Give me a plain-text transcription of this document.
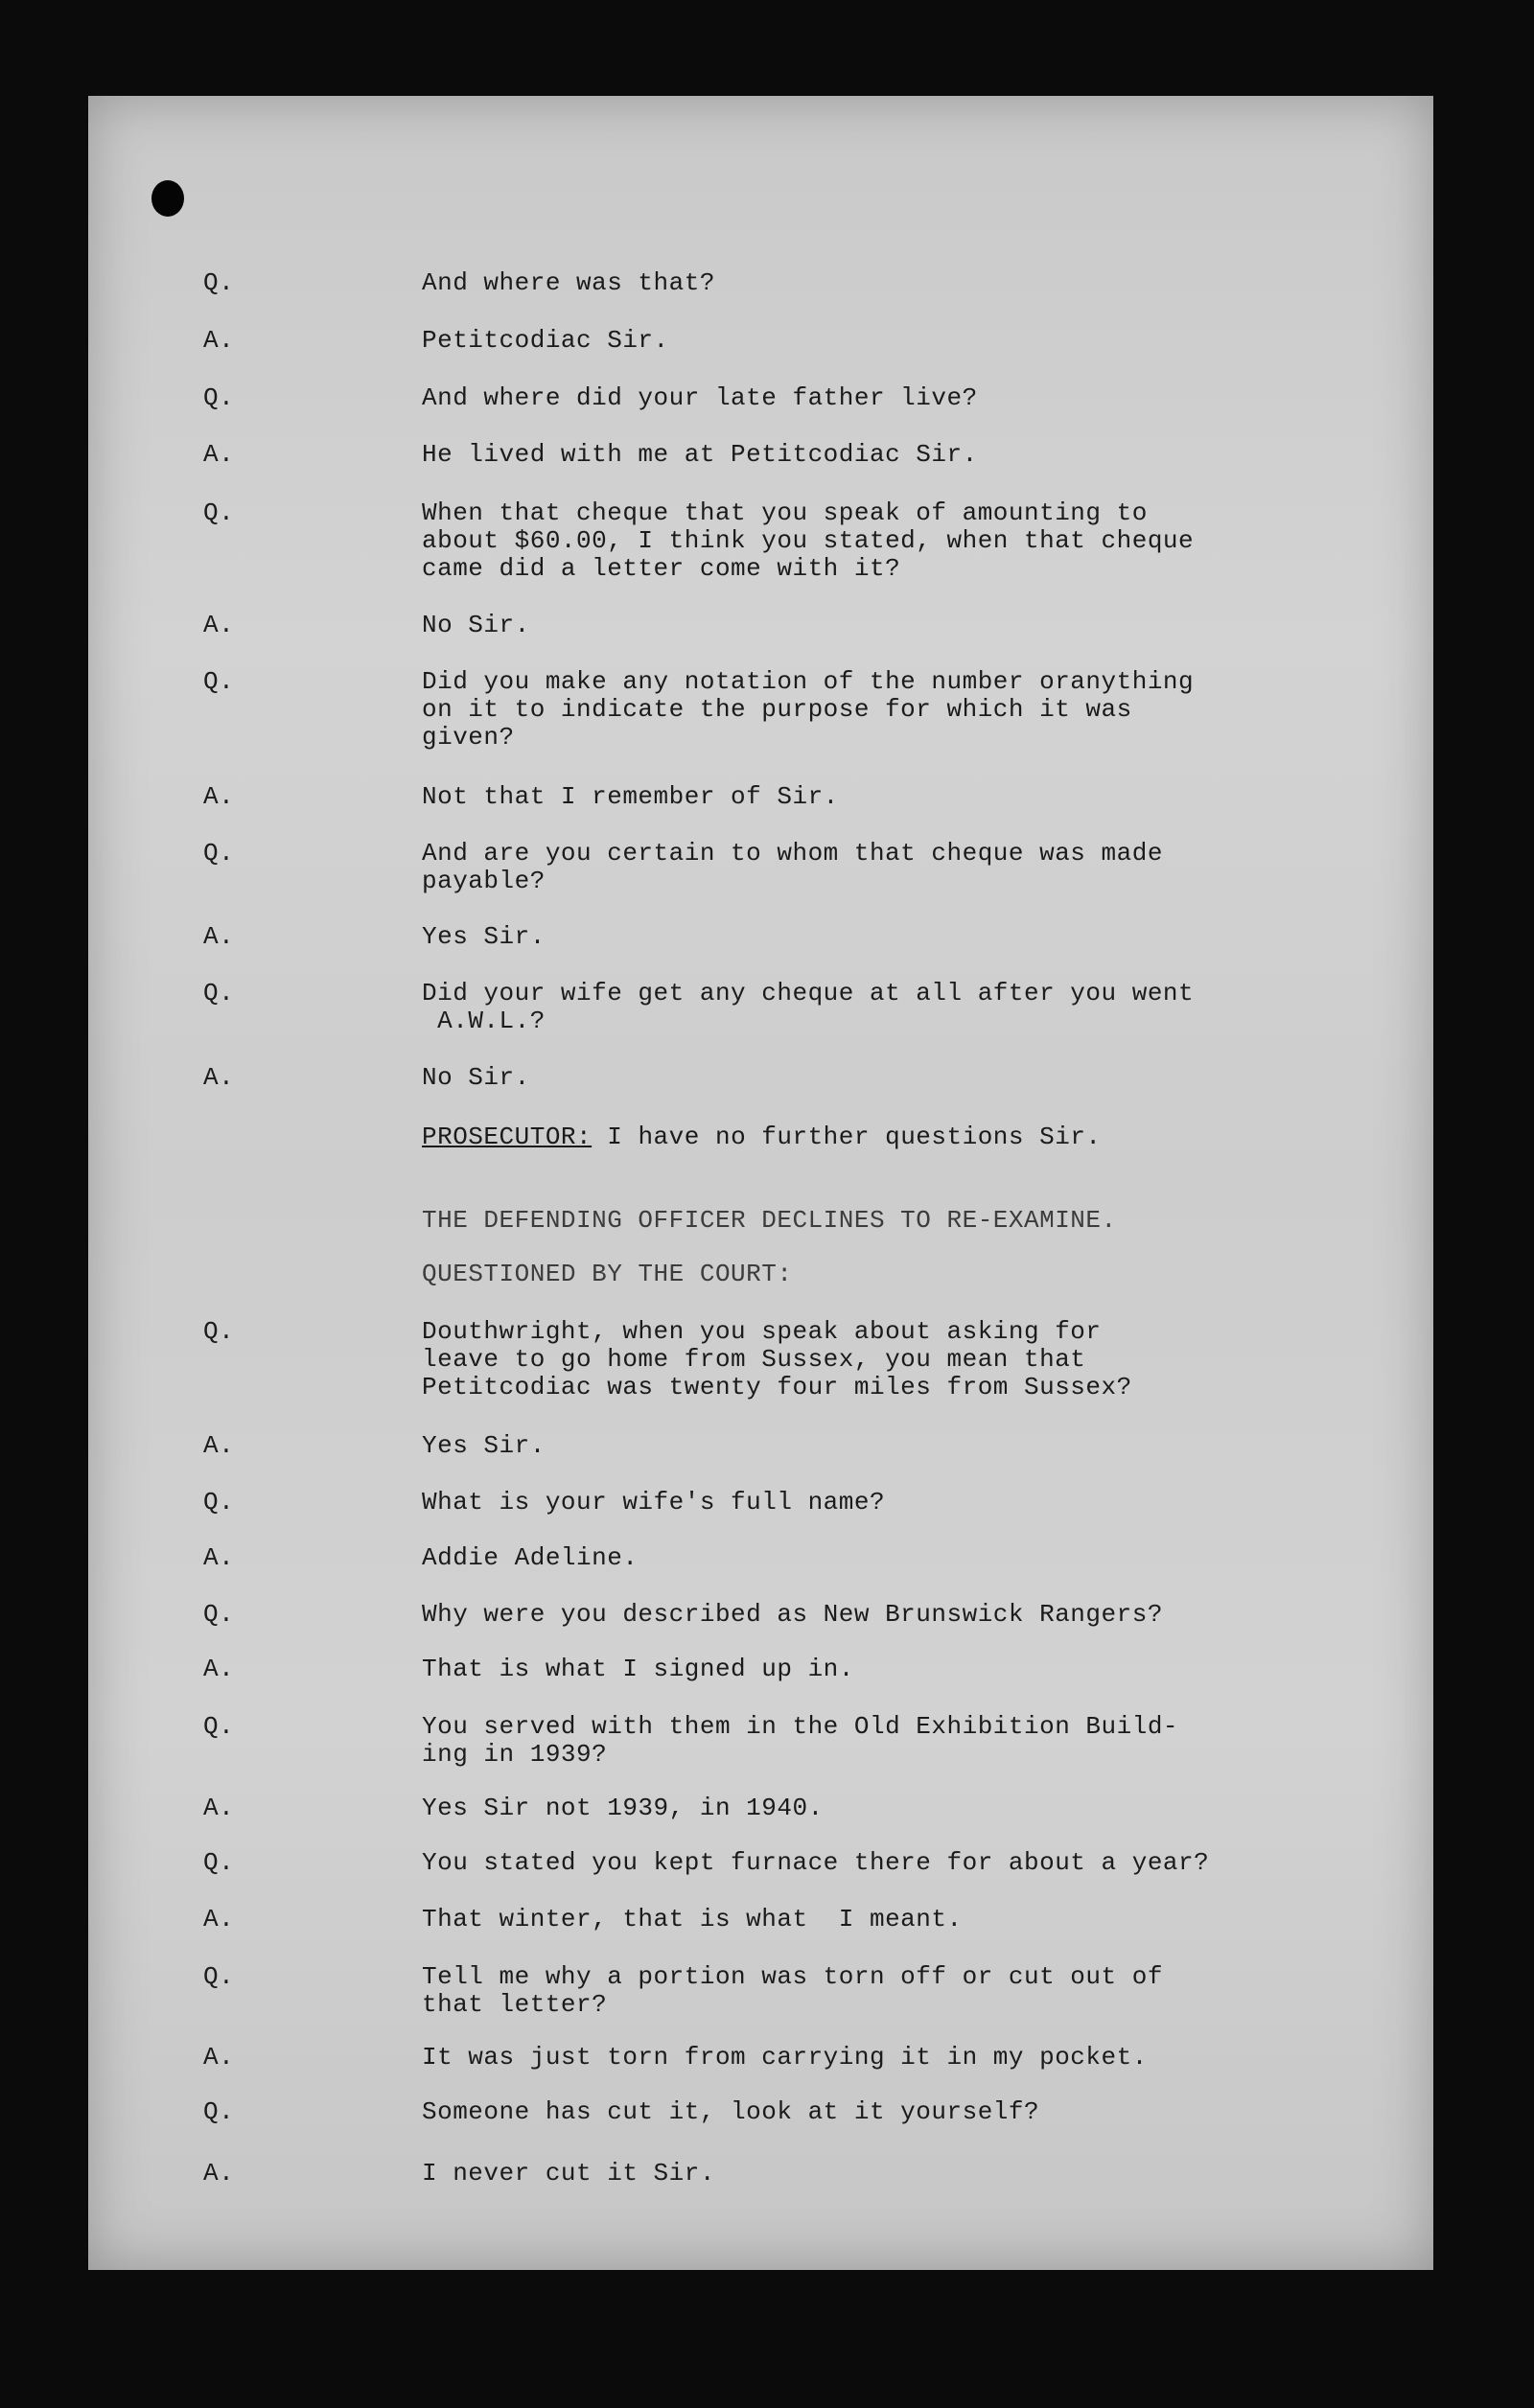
Q.	And where was that?
A.	Petitcodiac Sir.
Q.	And where did your late father live?
A.	He lived with me at Petitcodiac Sir.
Q.	When that cheque that you speak of amounting to
about $60.00, I think you stated, when that cheque
came did a letter come with it?
A.	No Sir.
Q.	Did you make any notation of the number oranything
on it to indicate the purpose for which it was
given?
A.	Not that I remember of Sir.
Q.	And are you certain to whom that cheque was made
payable?
A.	Yes Sir.
Q.	Did your wife get any cheque at all after you went
A.W.L.?
A.	No Sir.
PROSECUTOR: I have no further questions Sir.
THE DEFENDING OFFICER DECLINES TO RE-EXAMINE.
QUESTIONED BY THE COURT:
Q.	Douthwright, when you speak about asking for
leave to go home from Sussex, you mean that
Petitcodiac was twenty four miles from Sussex?
A.	Yes Sir.
Q.	What is your wife's full name?
A.	Addie Adeline.
Q.	Why were you described as New Brunswick Rangers?
A.	That is what I signed up in.
Q.	You served with them in the Old Exhibition Build-
ing in 1939?
A.	Yes Sir not 1939, in 1940.
Q.	You stated you kept furnace there for about a year?
A.	That winter, that is what  I meant.
Q.	Tell me why a portion was torn off or cut out of
that letter?
A.	It was just torn from carrying it in my pocket.
Q.	Someone has cut it, look at it yourself?
A.	I never cut it Sir.
